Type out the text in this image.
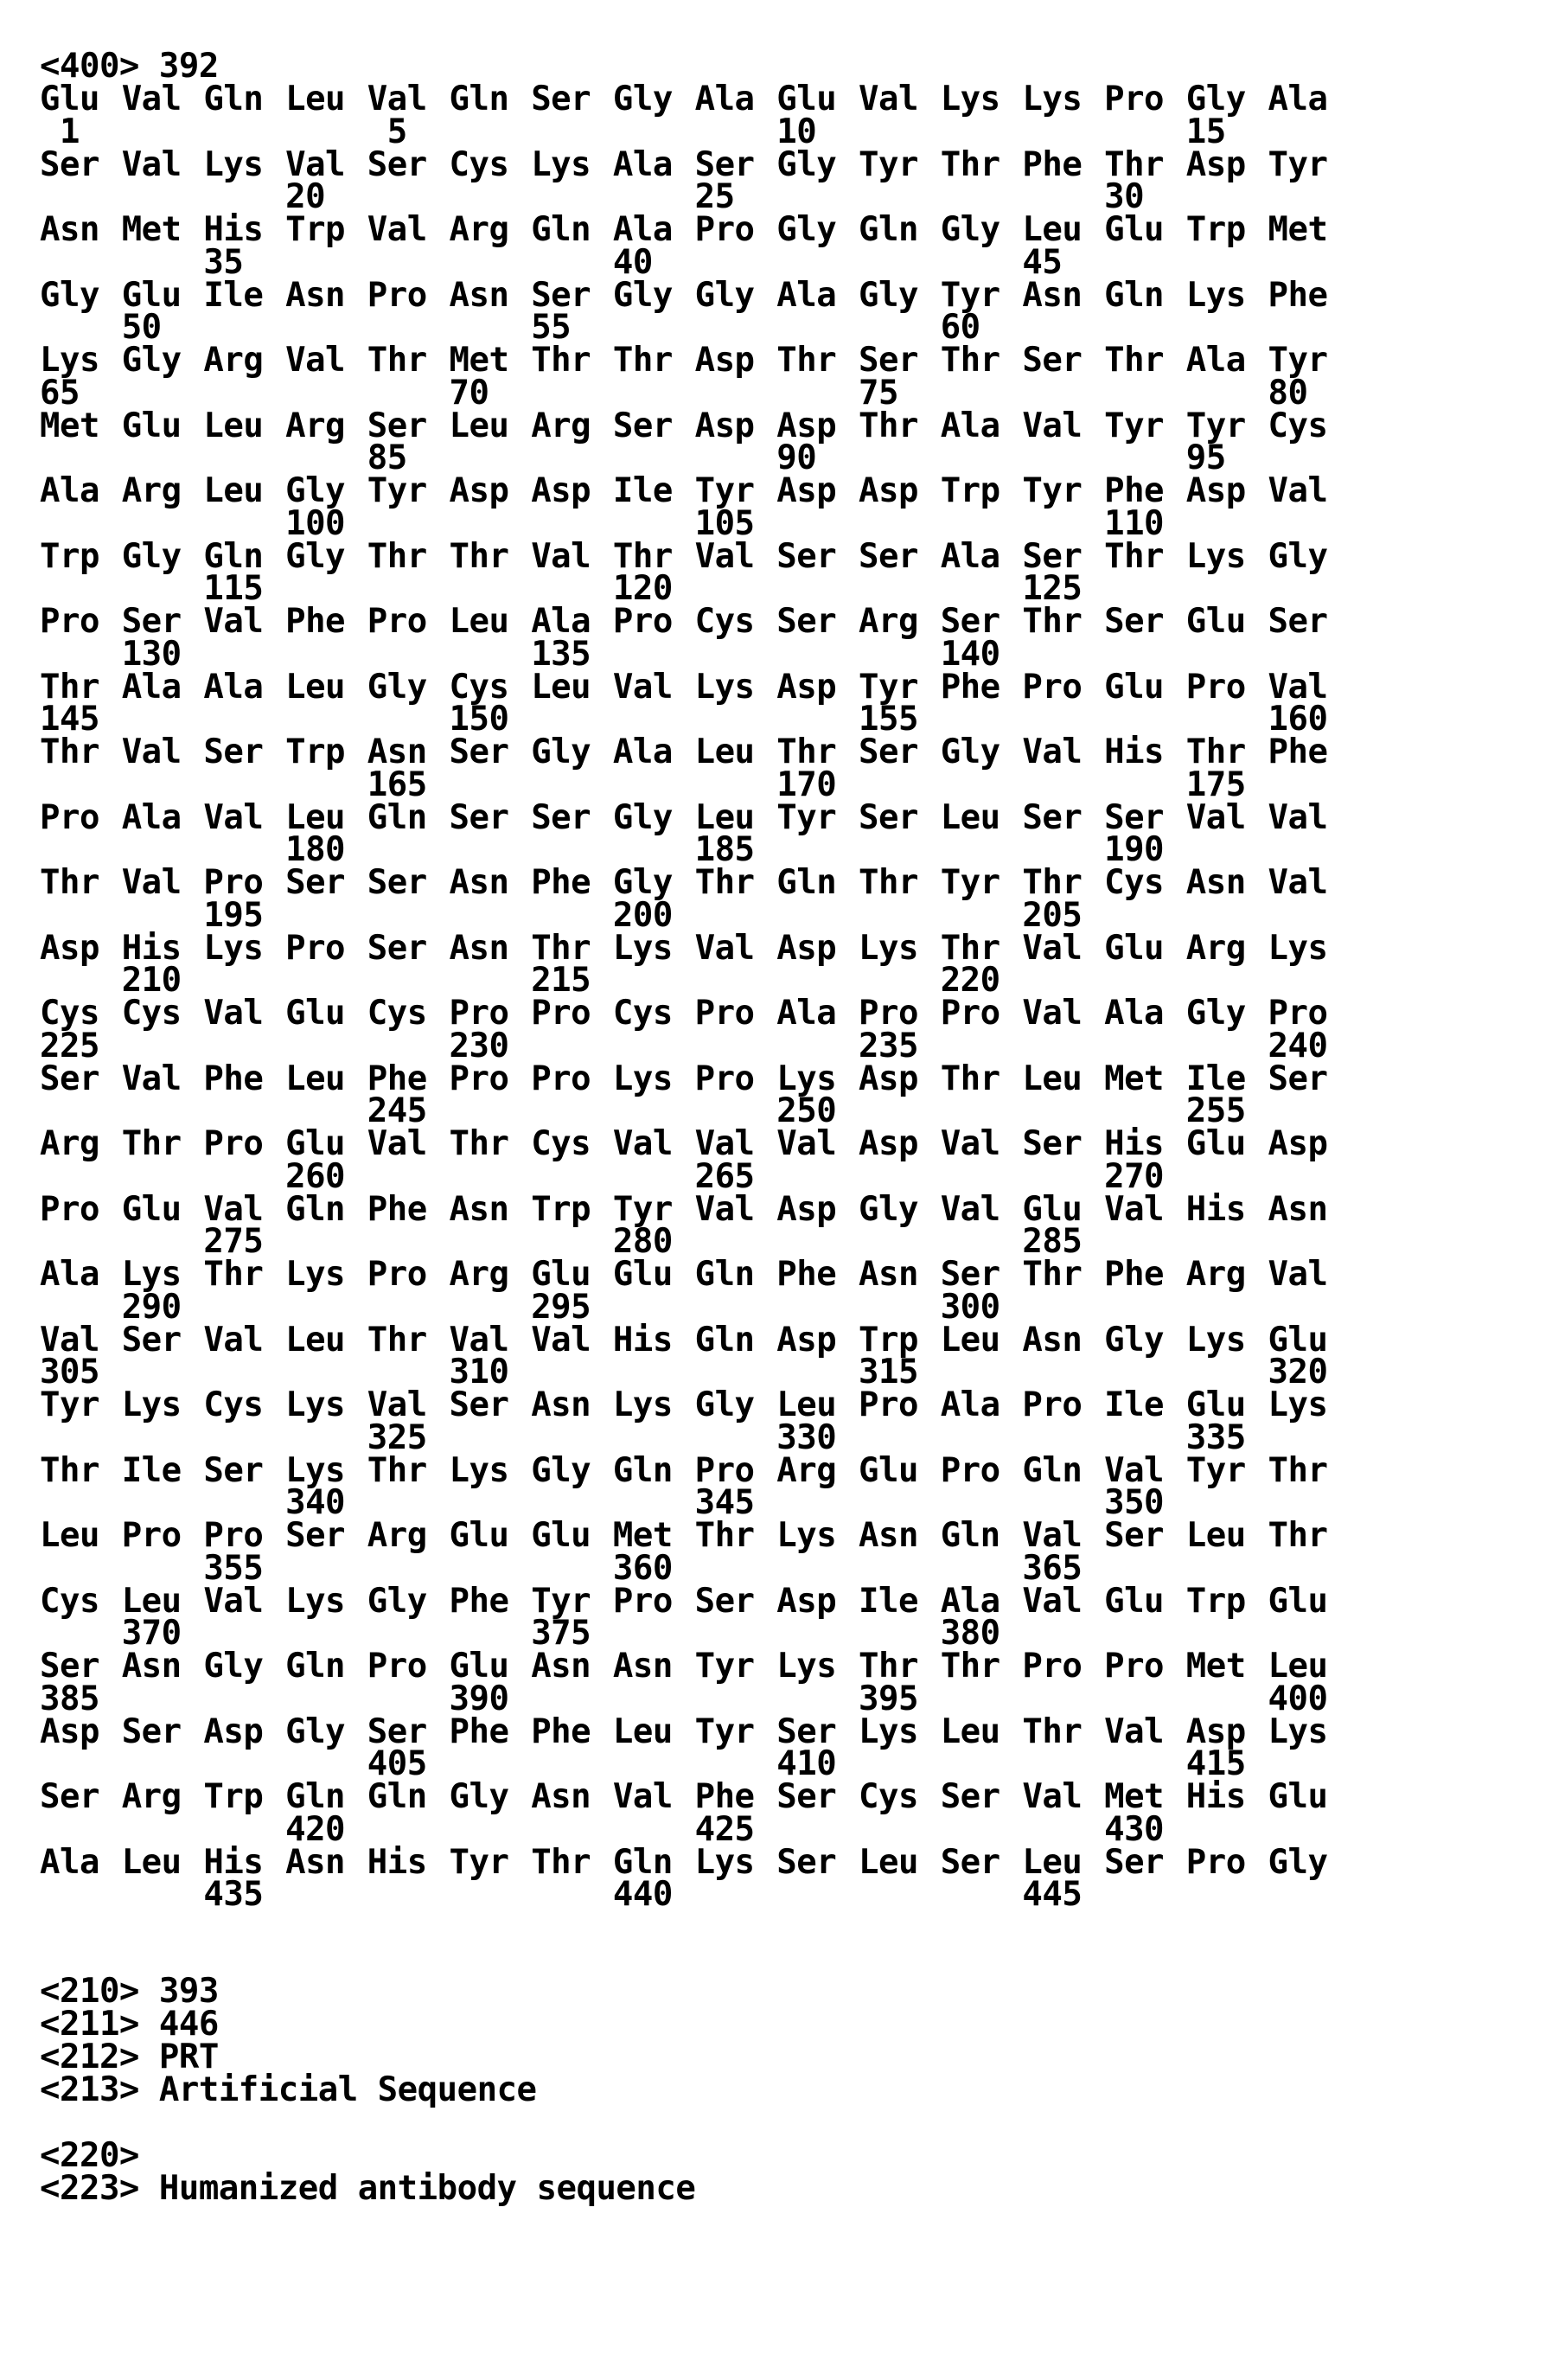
<400> 392
Glu Val Gln Leu Val Gln Ser Gly Ala Glu Val Lys Lys Pro Gly Ala
1	5	10	15
Ser Val Lys Val Ser Cys Lys Ala Ser Gly Tyr Thr Phe Thr Asp Tyr
20	25	30
Asn Met His Trp Val Arg Gln Ala Pro Gly Gln Gly Leu Glu Trp Met
35	40	45
Gly Glu Ile Asn Pro Asn Ser Gly Gly Ala Gly Tyr Asn Gln Lys Phe
50	55	60
Lys Gly Arg Val Thr Met Thr Thr Asp Thr Ser Thr Ser Thr Ala Tyr
65	70	75	80
Met Glu Leu Arg Ser Leu Arg Ser Asp Asp Thr Ala Val Tyr Tyr Cys
85	90	95
Ala Arg Leu Gly Tyr Asp Asp Ile Tyr Asp Asp Trp Tyr Phe Asp Val
100	105	110
Trp Gly Gln Gly Thr Thr Val Thr Val Ser Ser Ala Ser Thr Lys Gly
115	120	125
Pro Ser Val Phe Pro Leu Ala Pro Cys Ser Arg Ser Thr Ser Glu Ser
130	135	140
Thr Ala Ala Leu Gly Cys Leu Val Lys Asp Tyr Phe Pro Glu Pro Val
145	150	155	160
Thr Val Ser Trp Asn Ser Gly Ala Leu Thr Ser Gly Val His Thr Phe
165	170	175
Pro Ala Val Leu Gln Ser Ser Gly Leu Tyr Ser Leu Ser Ser Val Val
180	185	190
Thr Val Pro Ser Ser Asn Phe Gly Thr Gln Thr Tyr Thr Cys Asn Val
195	200	205
Asp His Lys Pro Ser Asn Thr Lys Val Asp Lys Thr Val Glu Arg Lys
210	215	220
Cys Cys Val Glu Cys Pro Pro Cys Pro Ala Pro Pro Val Ala Gly Pro
225	230	235	240
Ser Val Phe Leu Phe Pro Pro Lys Pro Lys Asp Thr Leu Met Ile Ser
245	250	255
Arg Thr Pro Glu Val Thr Cys Val Val Val Asp Val Ser His Glu Asp
260	265	270
Pro Glu Val Gln Phe Asn Trp Tyr Val Asp Gly Val Glu Val His Asn
275	280	285
Ala Lys Thr Lys Pro Arg Glu Glu Gln Phe Asn Ser Thr Phe Arg Val
290	295	300
Val Ser Val Leu Thr Val Val His Gln Asp Trp Leu Asn Gly Lys Glu
305	310	315	320
Tyr Lys Cys Lys Val Ser Asn Lys Gly Leu Pro Ala Pro Ile Glu Lys
325	330	335
Thr Ile Ser Lys Thr Lys Gly Gln Pro Arg Glu Pro Gln Val Tyr Thr
340	345	350
Leu Pro Pro Ser Arg Glu Glu Met Thr Lys Asn Gln Val Ser Leu Thr
355	360	365
Cys Leu Val Lys Gly Phe Tyr Pro Ser Asp Ile Ala Val Glu Trp Glu
370	375	380
Ser Asn Gly Gln Pro Glu Asn Asn Tyr Lys Thr Thr Pro Pro Met Leu
385	390	395	400
Asp Ser Asp Gly Ser Phe Phe Leu Tyr Ser Lys Leu Thr Val Asp Lys
405	410	415
Ser Arg Trp Gln Gln Gly Asn Val Phe Ser Cys Ser Val Met His Glu
420	425	430
Ala Leu His Asn His Tyr Thr Gln Lys Ser Leu Ser Leu Ser Pro Gly
435	440	445
<210> 393
<211> 446
<212> PRT
<213> Artificial Sequence
<220>
<223> Humanized antibody sequence
